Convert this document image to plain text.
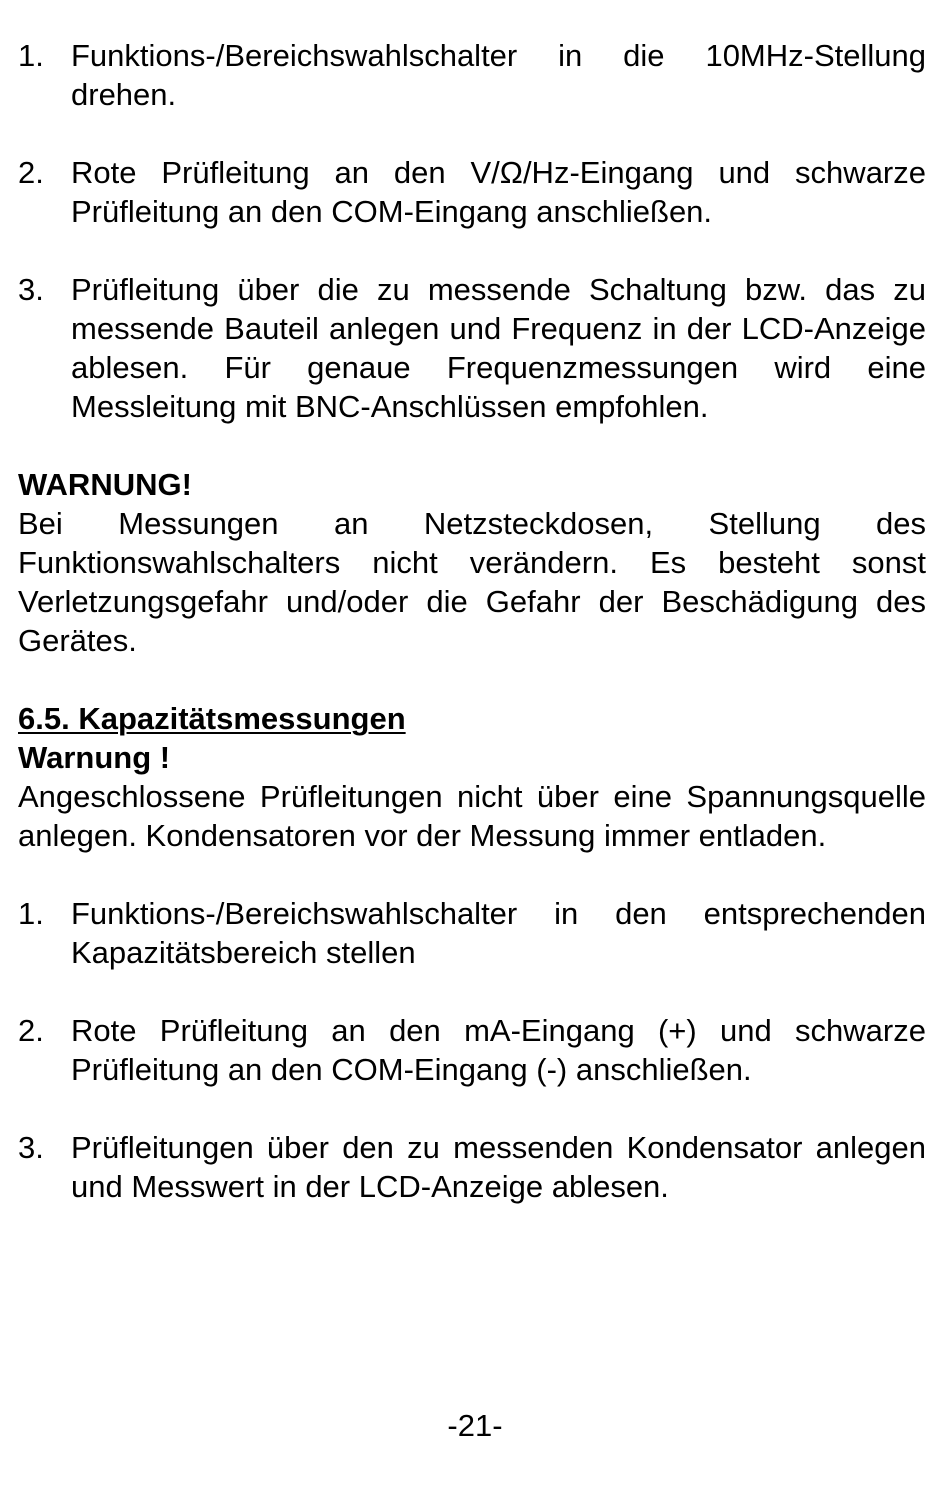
1. Funktions-/Bereichswahlschalter in die 10MHz-Stellung drehen.
2. Rote Prüfleitung an den V/Ω/Hz-Eingang und schwarze Prüfleitung an den COM-Eingang anschließen.
3. Prüfleitung über die zu messende Schaltung bzw. das zu messende Bauteil anlegen und Frequenz in der LCD-Anzeige ablesen. Für genaue Frequenzmessungen wird eine Messleitung mit BNC-Anschlüssen empfohlen.
WARNUNG!

Bei Messungen an Netzsteckdosen, Stellung des Funktionswahlschalters nicht verändern. Es besteht sonst Verletzungsgefahr und/oder die Gefahr der Beschädigung des Gerätes.

6.5. Kapazitätsmessungen
Warnung !

Angeschlossene Prüfleitungen nicht über eine Spannungsquelle anlegen. Kondensatoren vor der Messung immer entladen.

1. Funktions-/Bereichswahlschalter in den entsprechenden Kapazitätsbereich stellen
2. Rote Prüfleitung an den mA-Eingang (+) und schwarze Prüfleitung an den COM-Eingang (-) anschließen.
3. Prüfleitungen über den zu messenden Kondensator anlegen und Messwert in der LCD-Anzeige ablesen.
-21-
